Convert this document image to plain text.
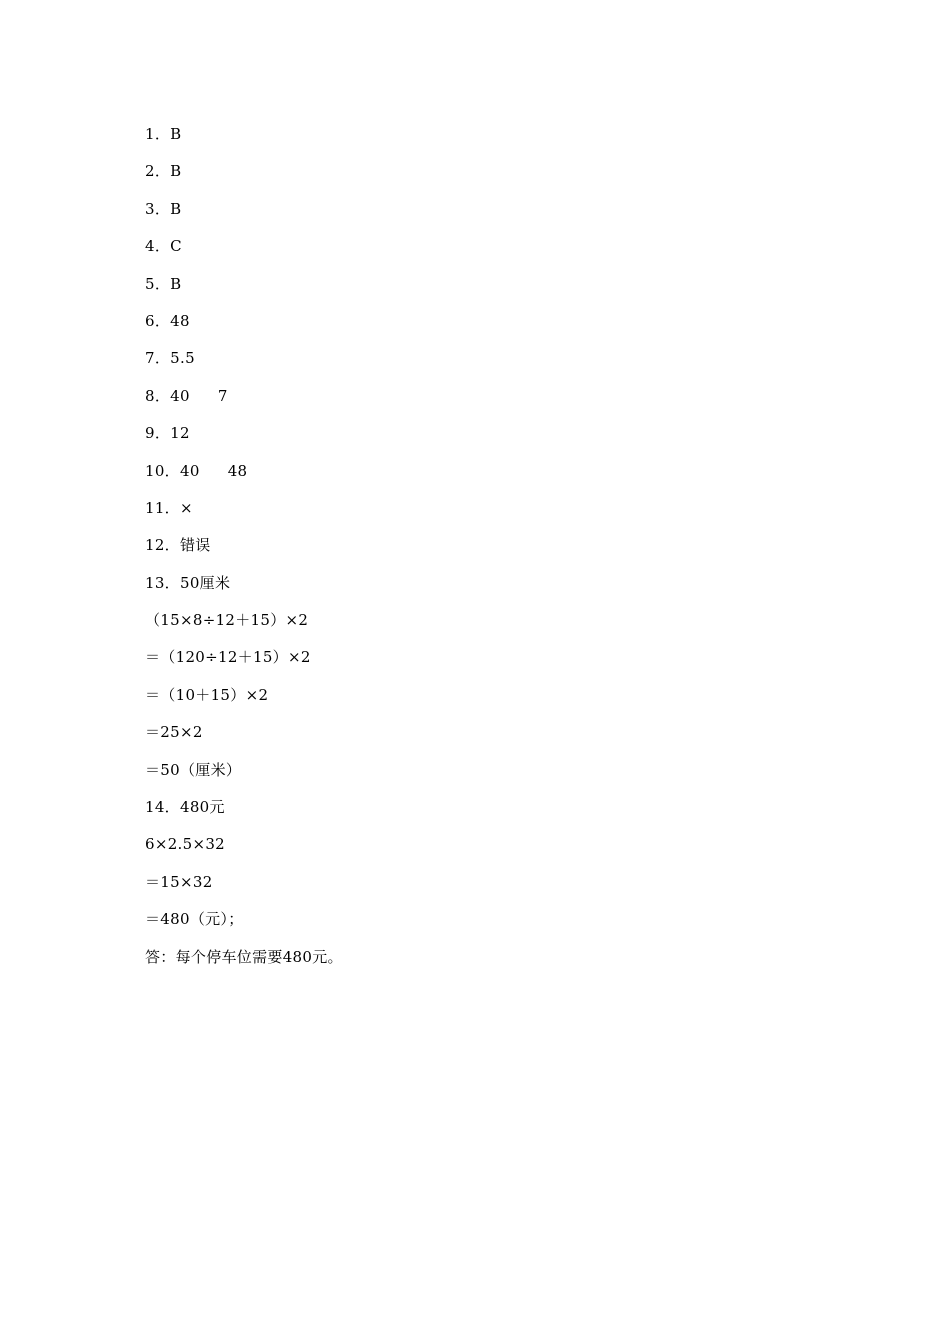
1．B
2．B
3．B
4．C
5．B
6．48
7．5.5
8．40 7
9．12
10．40 48
11．×
12．错误
13．50厘米
（15×8÷12＋15）×2
＝（120÷12＋15）×2
＝（10＋15）×2
＝25×2
＝50（厘米）
14．480元
6×2.5×32
＝15×32
＝480（元）；
答：每个停车位需要480元。
